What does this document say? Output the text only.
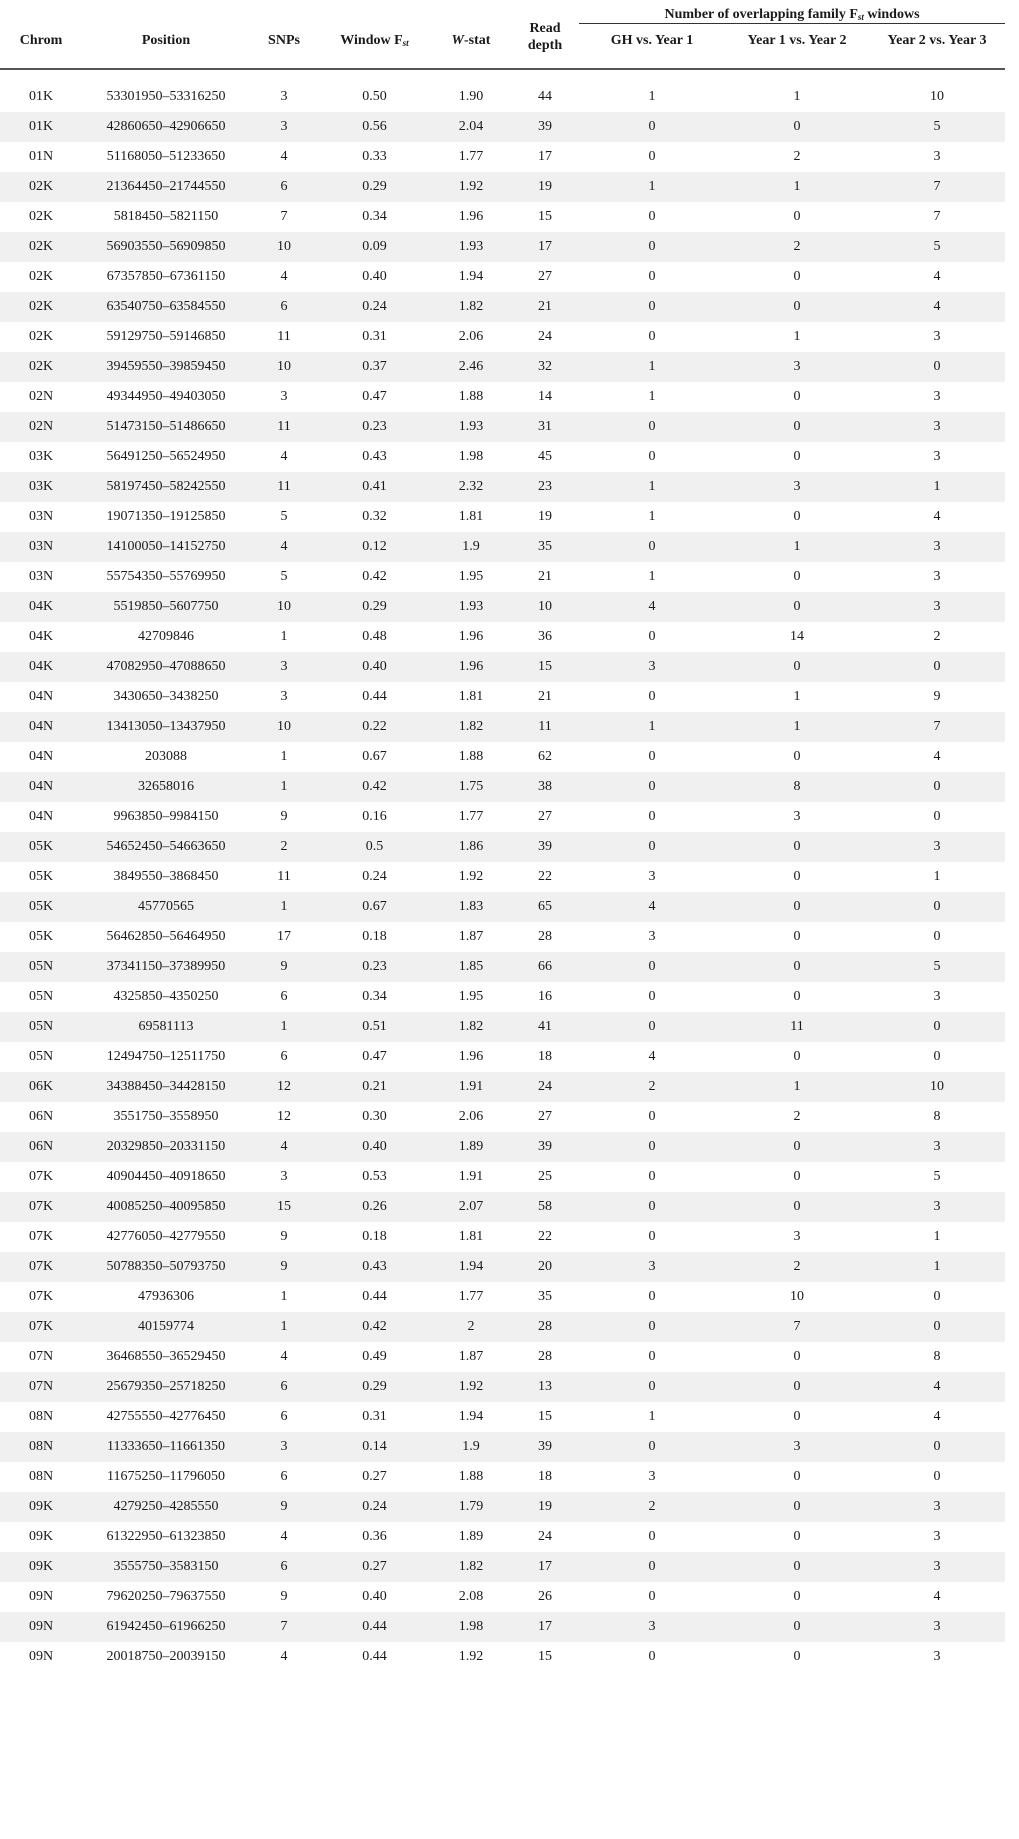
					Read
depth	Number of overlapping family $F_{st}$ windows		

Chrom	Position	SNPs	Window $F_{st}$	W-stat		GH vs. Year 1	Year 1 vs. Year 2	Year 2 vs. Year 3

01K	53301950–53316250	3	0.50	1.90	44	1	1	10
01K	42860650–42906650	3	0.56	2.04	39	0	0	5
01N	51168050–51233650	4	0.33	1.77	17	0	2	3
02K	21364450–21744550	6	0.29	1.92	19	1	1	7
02K	5818450–5821150	7	0.34	1.96	15	0	0	7
02K	56903550–56909850	10	0.09	1.93	17	0	2	5
02K	67357850–67361150	4	0.40	1.94	27	0	0	4
02K	63540750–63584550	6	0.24	1.82	21	0	0	4
02K	59129750–59146850	11	0.31	2.06	24	0	1	3
02K	39459550–39859450	10	0.37	2.46	32	1	3	0
02N	49344950–49403050	3	0.47	1.88	14	1	0	3
02N	51473150–51486650	11	0.23	1.93	31	0	0	3
03K	56491250–56524950	4	0.43	1.98	45	0	0	3
03K	58197450–58242550	11	0.41	2.32	23	1	3	1
03N	19071350–19125850	5	0.32	1.81	19	1	0	4
03N	14100050–14152750	4	0.12	1.9	35	0	1	3
03N	55754350–55769950	5	0.42	1.95	21	1	0	3
04K	5519850–5607750	10	0.29	1.93	10	4	0	3
04K	42709846	1	0.48	1.96	36	0	14	2
04K	47082950–47088650	3	0.40	1.96	15	3	0	0
04N	3430650–3438250	3	0.44	1.81	21	0	1	9
04N	13413050–13437950	10	0.22	1.82	11	1	1	7
04N	203088	1	0.67	1.88	62	0	0	4
04N	32658016	1	0.42	1.75	38	0	8	0
04N	9963850–9984150	9	0.16	1.77	27	0	3	0
05K	54652450–54663650	2	0.5	1.86	39	0	0	3
05K	3849550–3868450	11	0.24	1.92	22	3	0	1
05K	45770565	1	0.67	1.83	65	4	0	0
05K	56462850–56464950	17	0.18	1.87	28	3	0	0
05N	37341150–37389950	9	0.23	1.85	66	0	0	5
05N	4325850–4350250	6	0.34	1.95	16	0	0	3
05N	69581113	1	0.51	1.82	41	0	11	0
05N	12494750–12511750	6	0.47	1.96	18	4	0	0
06K	34388450–34428150	12	0.21	1.91	24	2	1	10
06N	3551750–3558950	12	0.30	2.06	27	0	2	8
06N	20329850–20331150	4	0.40	1.89	39	0	0	3
07K	40904450–40918650	3	0.53	1.91	25	0	0	5
07K	40085250–40095850	15	0.26	2.07	58	0	0	3
07K	42776050–42779550	9	0.18	1.81	22	0	3	1
07K	50788350–50793750	9	0.43	1.94	20	3	2	1
07K	47936306	1	0.44	1.77	35	0	10	0
07K	40159774	1	0.42	2	28	0	7	0
07N	36468550–36529450	4	0.49	1.87	28	0	0	8
07N	25679350–25718250	6	0.29	1.92	13	0	0	4
08N	42755550–42776450	6	0.31	1.94	15	1	0	4
08N	11333650–11661350	3	0.14	1.9	39	0	3	0
08N	11675250–11796050	6	0.27	1.88	18	3	0	0
09K	4279250–4285550	9	0.24	1.79	19	2	0	3
09K	61322950–61323850	4	0.36	1.89	24	0	0	3
09K	3555750–3583150	6	0.27	1.82	17	0	0	3
09N	79620250–79637550	9	0.40	2.08	26	0	0	4
09N	61942450–61966250	7	0.44	1.98	17	3	0	3
09N	20018750–20039150	4	0.44	1.92	15	0	0	3
